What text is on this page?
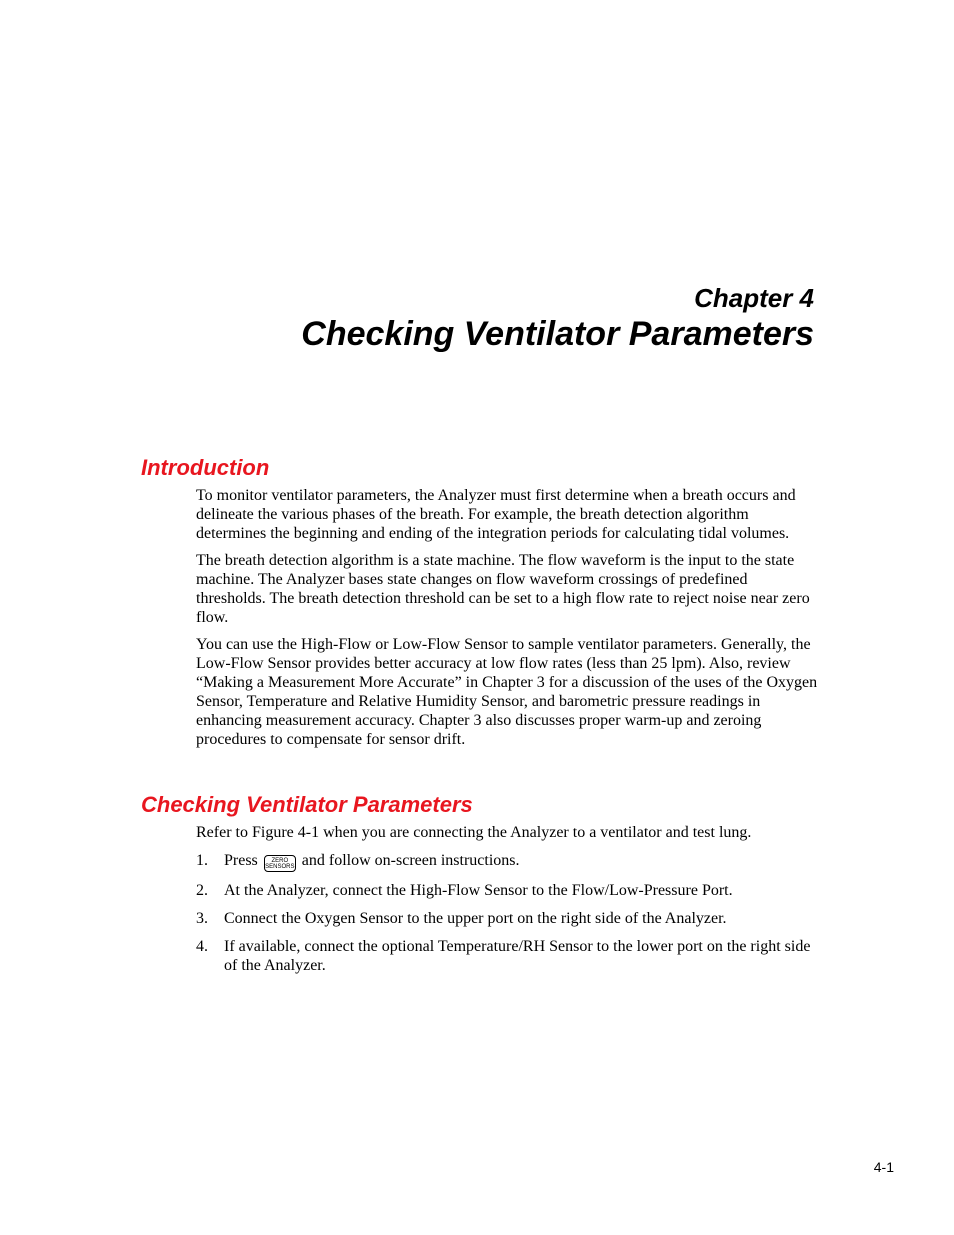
Chapter 4
Checking Ventilator Parameters
Introduction

To monitor ventilator parameters, the Analyzer must first determine when a breath occurs and delineate the various phases of the breath. For example, the breath detection algorithm determines the beginning and ending of the integration periods for calculating tidal volumes.

The breath detection algorithm is a state machine. The flow waveform is the input to the state machine. The Analyzer bases state changes on flow waveform crossings of predefined thresholds. The breath detection threshold can be set to a high flow rate to reject noise near zero flow.

You can use the High-Flow or Low-Flow Sensor to sample ventilator parameters. Generally, the Low-Flow Sensor provides better accuracy at low flow rates (less than 25 lpm). Also, review “Making a Measurement More Accurate” in Chapter 3 for a discussion of the uses of the Oxygen Sensor, Temperature and Relative Humidity Sensor, and barometric pressure readings in enhancing measurement accuracy. Chapter 3 also discusses proper warm-up and zeroing procedures to compensate for sensor drift.

Checking Ventilator Parameters

Refer to Figure 4-1 when you are connecting the Analyzer to a ventilator and test lung.

1. Press	ZERO
SENSORS and follow on-screen instructions.
2. At the Analyzer, connect the High-Flow Sensor to the Flow/Low-Pressure Port.
3. Connect the Oxygen Sensor to the upper port on the right side of the Analyzer.
4. If available, connect the optional Temperature/RH Sensor to the lower port on the right side of the Analyzer.

4-1
